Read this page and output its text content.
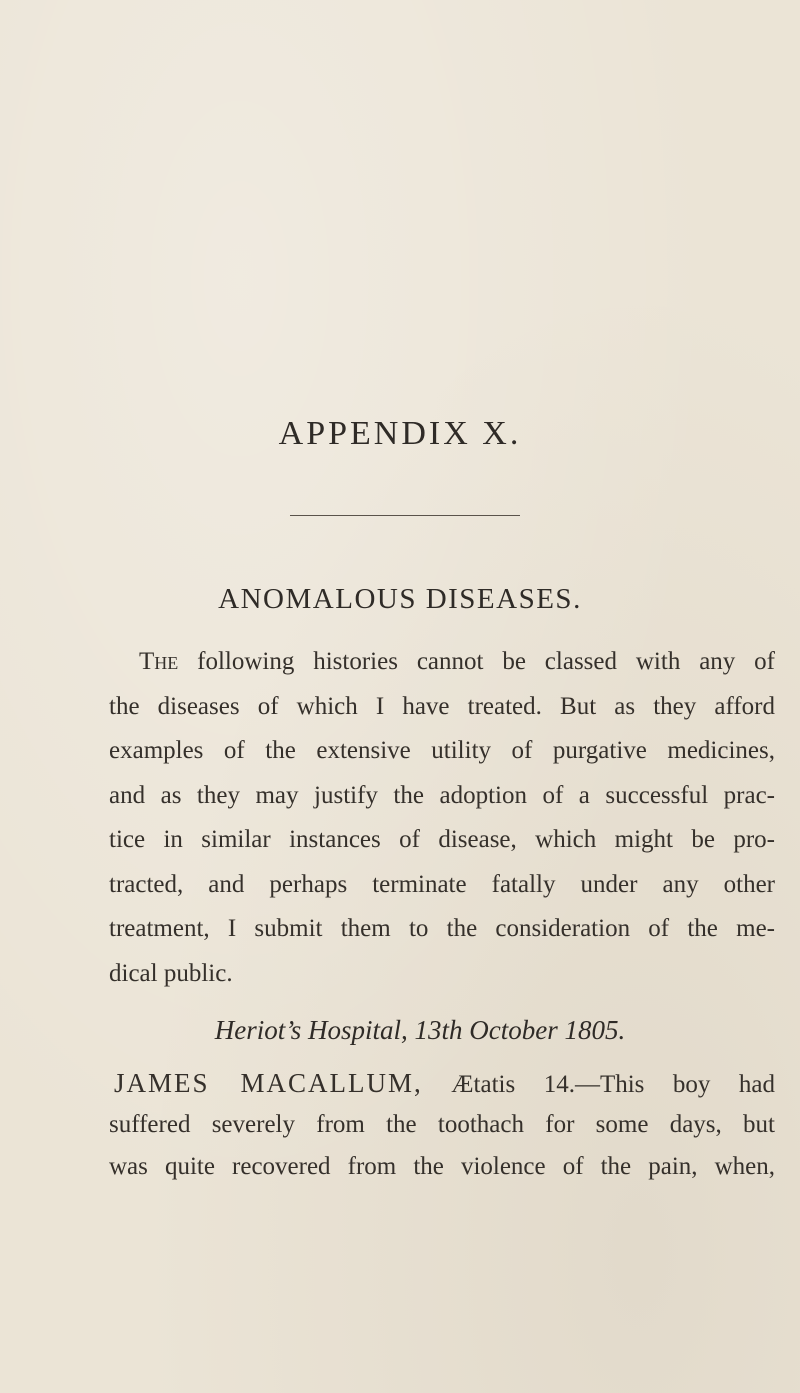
APPENDIX X.
ANOMALOUS DISEASES.
The following histories cannot be classed with any of
the diseases of which I have treated. But as they afford
examples of the extensive utility of purgative medicines,
and as they may justify the adoption of a successful prac-
tice in similar instances of disease, which might be pro-
tracted, and perhaps terminate fatally under any other
treatment, I submit them to the consideration of the me-
dical public.
Heriot’s Hospital, 13th October 1805.
JAMES MACALLUM, Ætatis 14.—This boy had
suffered severely from the toothach for some days, but
was quite recovered from the violence of the pain, when,
